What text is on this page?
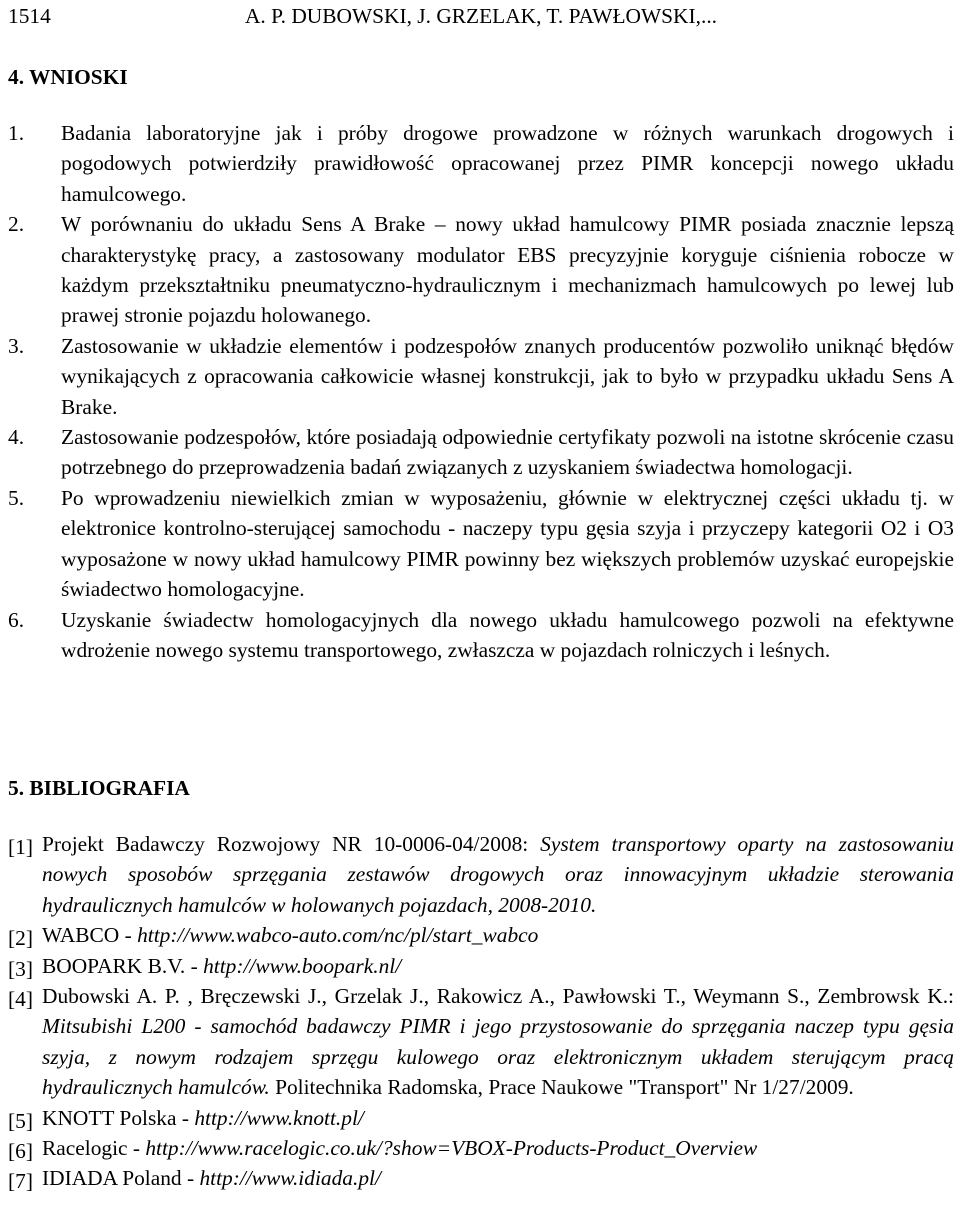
1514	A. P. DUBOWSKI, J. GRZELAK, T. PAWŁOWSKI,...
4. WNIOSKI
1. Badania laboratoryjne jak i próby drogowe prowadzone w różnych warunkach drogowych i pogodowych potwierdziły prawidłowość opracowanej przez PIMR koncepcji nowego układu hamulcowego.
2. W porównaniu do układu Sens A Brake – nowy układ hamulcowy PIMR posiada znacznie lepszą charakterystykę pracy, a zastosowany modulator EBS precyzyjnie koryguje ciśnienia robocze w każdym przekształtniku pneumatyczno-hydraulicznym i mechanizmach hamulcowych po lewej lub prawej stronie pojazdu holowanego.
3. Zastosowanie w układzie elementów i podzespołów znanych producentów pozwoliło uniknąć błędów wynikających z opracowania całkowicie własnej konstrukcji, jak to było w przypadku układu Sens A Brake.
4. Zastosowanie podzespołów, które posiadają odpowiednie certyfikaty pozwoli na istotne skrócenie czasu potrzebnego do przeprowadzenia badań związanych z uzyskaniem świadectwa homologacji.
5. Po wprowadzeniu niewielkich zmian w wyposażeniu, głównie w elektrycznej części układu tj. w elektronice kontrolno-sterującej samochodu - naczepy typu gęsia szyja i przyczepy kategorii O2 i O3 wyposażone w nowy układ hamulcowy PIMR powinny bez większych problemów uzyskać europejskie świadectwo homologacyjne.
6. Uzyskanie świadectw homologacyjnych dla nowego układu hamulcowego pozwoli na efektywne wdrożenie nowego systemu transportowego, zwłaszcza w pojazdach rolniczych i leśnych.
5. BIBLIOGRAFIA
[1] Projekt Badawczy Rozwojowy NR 10-0006-04/2008: System transportowy oparty na zastosowaniu nowych sposobów sprzęgania zestawów drogowych oraz innowacyjnym układzie sterowania hydraulicznych hamulców w holowanych pojazdach, 2008-2010.
[2] WABCO - http://www.wabco-auto.com/nc/pl/start_wabco
[3] BOOPARK B.V. - http://www.boopark.nl/
[4] Dubowski A. P. , Bręczewski J., Grzelak J., Rakowicz A., Pawłowski T., Weymann S., Zembrowsk K.: Mitsubishi L200 - samochód badawczy PIMR i jego przystosowanie do sprzęgania naczep typu gęsia szyja, z nowym rodzajem sprzęgu kulowego oraz elektronicznym układem sterującym pracą hydraulicznych hamulców. Politechnika Radomska, Prace Naukowe "Transport" Nr 1/27/2009.
[5] KNOTT Polska - http://www.knott.pl/
[6] Racelogic - http://www.racelogic.co.uk/?show=VBOX-Products-Product_Overview
[7] IDIADA Poland - http://www.idiada.pl/
